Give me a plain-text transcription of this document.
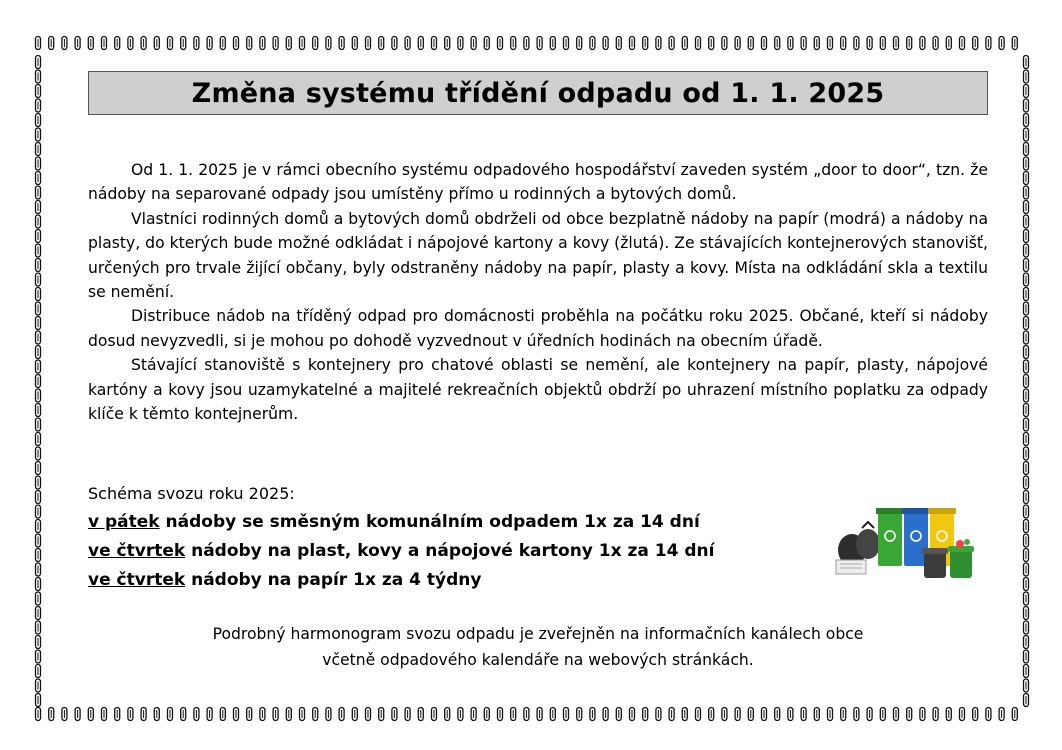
Změna systému třídění odpadu od 1. 1. 2025

Od 1. 1. 2025 je v rámci obecního systému odpadového hospodářství zaveden systém „door to door“, tzn. že nádoby na separované odpady jsou umístěny přímo u rodinných a bytových domů.

Vlastníci rodinných domů a bytových domů obdrželi od obce bezplatně nádoby na papír (modrá) a nádoby na plasty, do kterých bude možné odkládat i nápojové kartony a kovy (žlutá). Ze stávajících kontejnerových stanovišť, určených pro trvale žijící občany, byly odstraněny nádoby na papír, plasty a kovy. Místa na odkládání skla a textilu se nemění.

Distribuce nádob na tříděný odpad pro domácnosti proběhla na počátku roku 2025. Občané, kteří si nádoby dosud nevyzvedli, si je mohou po dohodě vyzvednout v úředních hodinách na obecním úřadě.

Stávající stanoviště s kontejnery pro chatové oblasti se nemění, ale kontejnery na papír, plasty, nápojové kartóny a kovy jsou uzamykatelné a majitelé rekreačních objektů obdrží po uhrazení místního poplatku za odpady klíče k těmto kontejnerům.

Schéma svozu roku 2025:
v pátek nádoby se směsným komunálním odpadem 1x za 14 dní
ve čtvrtek nádoby na plast, kovy a nápojové kartony 1x za 14 dní
ve čtvrtek nádoby na papír 1x za 4 týdny

Podrobný harmonogram svozu odpadu je zveřejněn na informačních kanálech obce

včetně odpadového kalendáře na webových stránkách.
